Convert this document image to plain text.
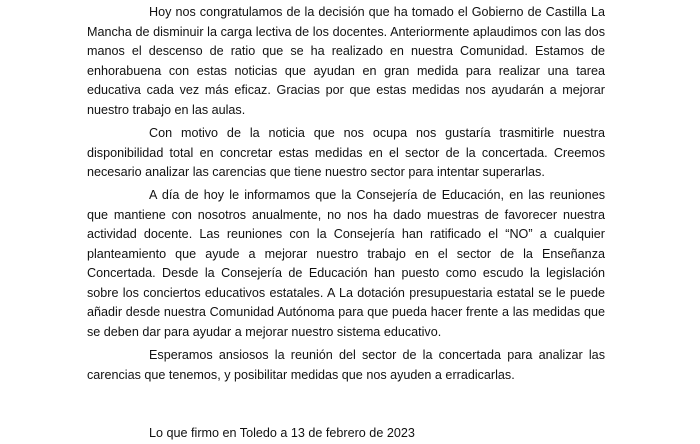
Hoy nos congratulamos de la decisión que ha tomado el Gobierno de Castilla La Mancha de disminuir la carga lectiva de los docentes. Anteriormente aplaudimos con las dos manos el descenso de ratio que se ha realizado en nuestra Comunidad. Estamos de enhorabuena con estas noticias que ayudan en gran medida para realizar una tarea educativa cada vez más eficaz. Gracias por que estas medidas nos ayudarán a mejorar nuestro trabajo en las aulas.

Con motivo de la noticia que nos ocupa nos gustaría trasmitirle nuestra disponibilidad total en concretar estas medidas en el sector de la concertada. Creemos necesario analizar las carencias que tiene nuestro sector para intentar superarlas.

A día de hoy le informamos que la Consejería de Educación, en las reuniones que mantiene con nosotros anualmente, no nos ha dado muestras de favorecer nuestra actividad docente. Las reuniones con la Consejería han ratificado el “NO” a cualquier planteamiento que ayude a mejorar nuestro trabajo en el sector de la Enseñanza Concertada. Desde la Consejería de Educación han puesto como escudo la legislación sobre los conciertos educativos estatales. A La dotación presupuestaria estatal se le puede añadir desde nuestra Comunidad Autónoma para que pueda hacer frente a las medidas que se deben dar para ayudar a mejorar nuestro sistema educativo.

Esperamos ansiosos la reunión del sector de la concertada para analizar las carencias que tenemos, y posibilitar medidas que nos ayuden a erradicarlas.

Lo que firmo en Toledo a 13 de febrero de 2023
